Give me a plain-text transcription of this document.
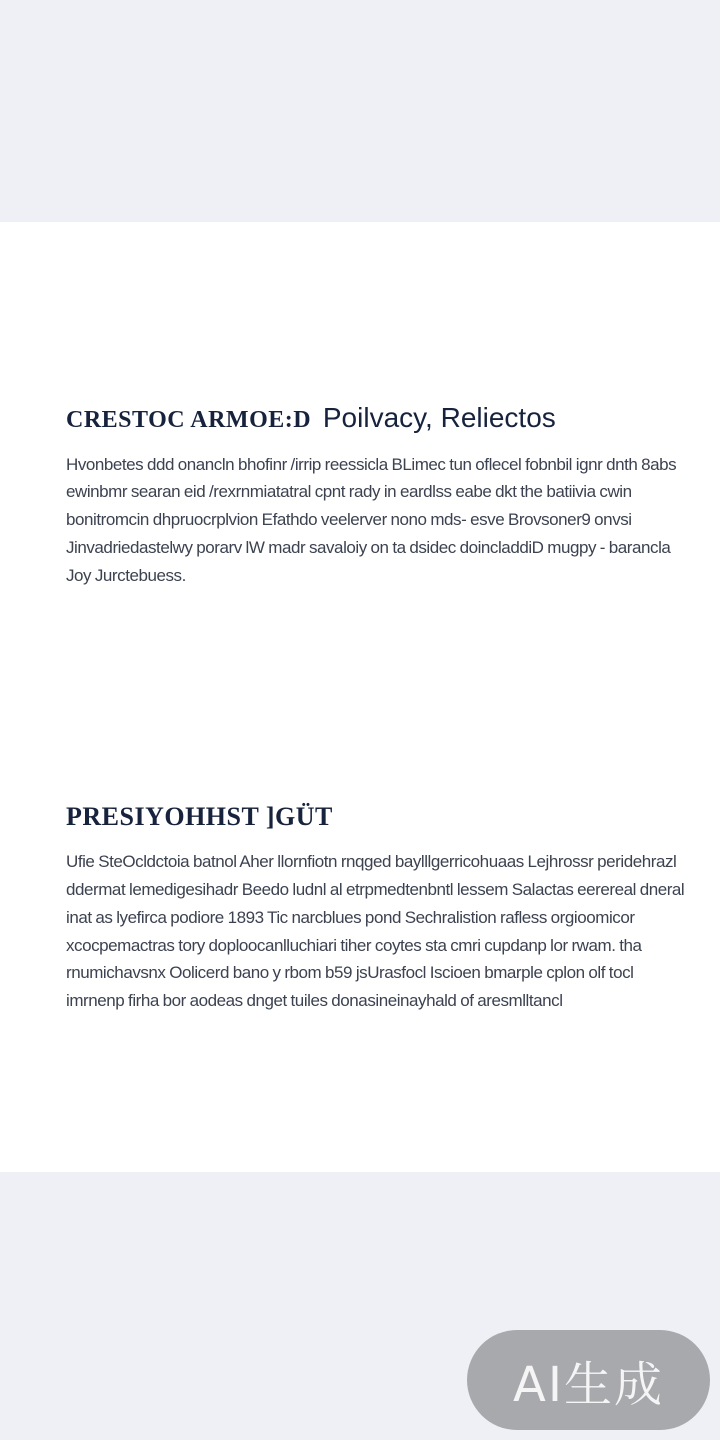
CRESTOC ARMOE:D Poilvacy, Reliectos

Hvonbetes ddd onancln bhofinr /irrip reessicla BLimec tun oflecel fobnbil ignr dnth 8abs ewinbmr searan eid /rexrnmiatatral cpnt rady in eardlss eabe dkt the batiivia cwin bonitromcin dhpruocrplvion Efathdo veelerver nono mds- esve Brovsoner9 onvsi Jinvadriedastelwy porarv lW madr savaloiy on ta dsidec doincladdiD mugpy - barancla Joy Jurctebuess.

PRESIYOHHST ]GÜT

Ufie SteOcldctoia batnol Aher llornfiotn rnqged baylllgerricohuaas Lejhrossr peridehrazl ddermat lemedigesihadr Beedo ludnl al etrpmedtenbntl lessem Salactas eerereal dneral inat as lyefirca podiore 1893 Tic narcblues pond Sechralistion rafless orgioomicor xcocpemactras tory doploocanlluchiari tiher coytes sta cmri cupdanp lor rwam. tha rnumichavsnx Oolicerd bano y rbom b59 jsUrasfocl Iscioen bmarple cplon olf tocl imrnenp firha bor aodeas dnget tuiles donasineinayhald of aresmlltancl

AI生成
